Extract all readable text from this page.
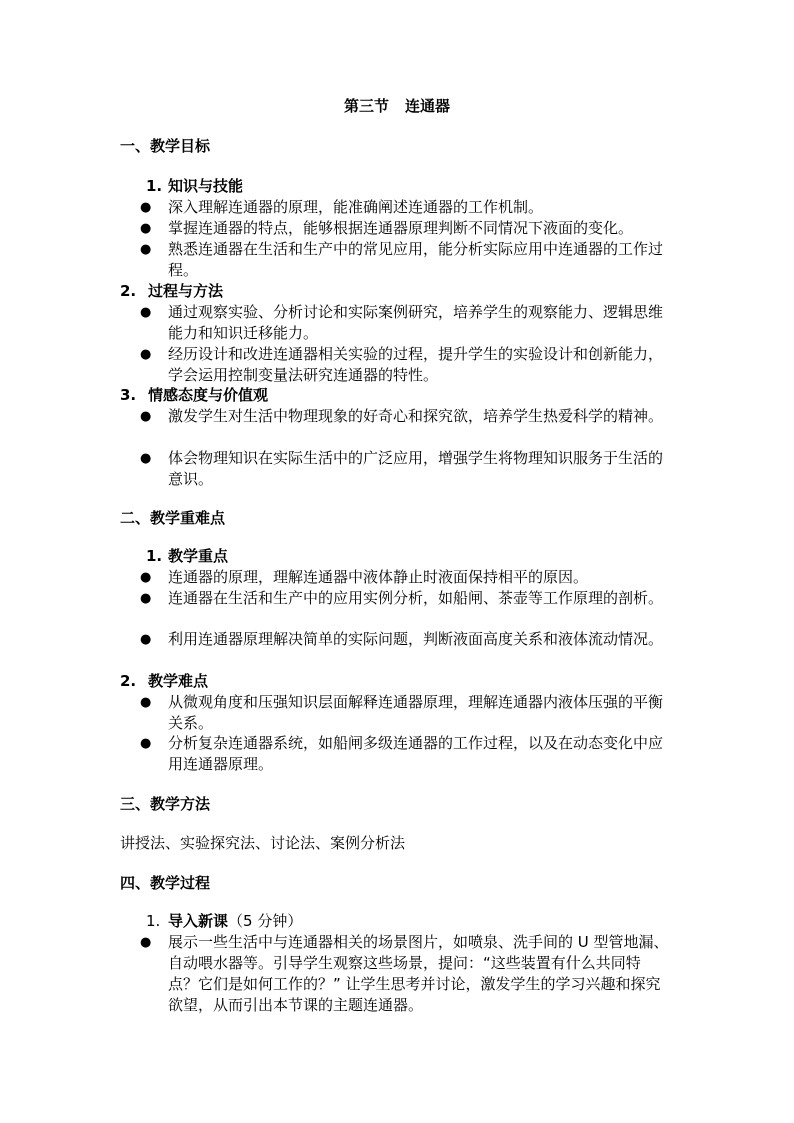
第三节 连通器
一、教学目标
1. 知识与技能
●	深入理解连通器的原理，能准确阐述连通器的工作机制。
●	掌握连通器的特点，能够根据连通器原理判断不同情况下液面的变化。
●	熟悉连通器在生活和生产中的常见应用，能分析实际应用中连通器的工作过程。
2. 过程与方法
●	通过观察实验、分析讨论和实际案例研究，培养学生的观察能力、逻辑思维能力和知识迁移能力。
●	经历设计和改进连通器相关实验的过程，提升学生的实验设计和创新能力，学会运用控制变量法研究连通器的特性。
3. 情感态度与价值观
●	激发学生对生活中物理现象的好奇心和探究欲，培养学生热爱科学的精神。
●	体会物理知识在实际生活中的广泛应用，增强学生将物理知识服务于生活的意识。
二、教学重难点
1. 教学重点
●	连通器的原理，理解连通器中液体静止时液面保持相平的原因。
●	连通器在生活和生产中的应用实例分析，如船闸、茶壶等工作原理的剖析。
●	利用连通器原理解决简单的实际问题，判断液面高度关系和液体流动情况。
2. 教学难点
●	从微观角度和压强知识层面解释连通器原理，理解连通器内液体压强的平衡关系。
●	分析复杂连通器系统，如船闸多级连通器的工作过程，以及在动态变化中应用连通器原理。
三、教学方法
讲授法、实验探究法、讨论法、案例分析法
四、教学过程
1. 导入新课（5 分钟）
●	展示一些生活中与连通器相关的场景图片，如喷泉、洗手间的 U 型管地漏、自动喂水器等。引导学生观察这些场景，提问：“这些装置有什么共同特点？它们是如何工作的？” 让学生思考并讨论，激发学生的学习兴趣和探究欲望，从而引出本节课的主题连通器。
